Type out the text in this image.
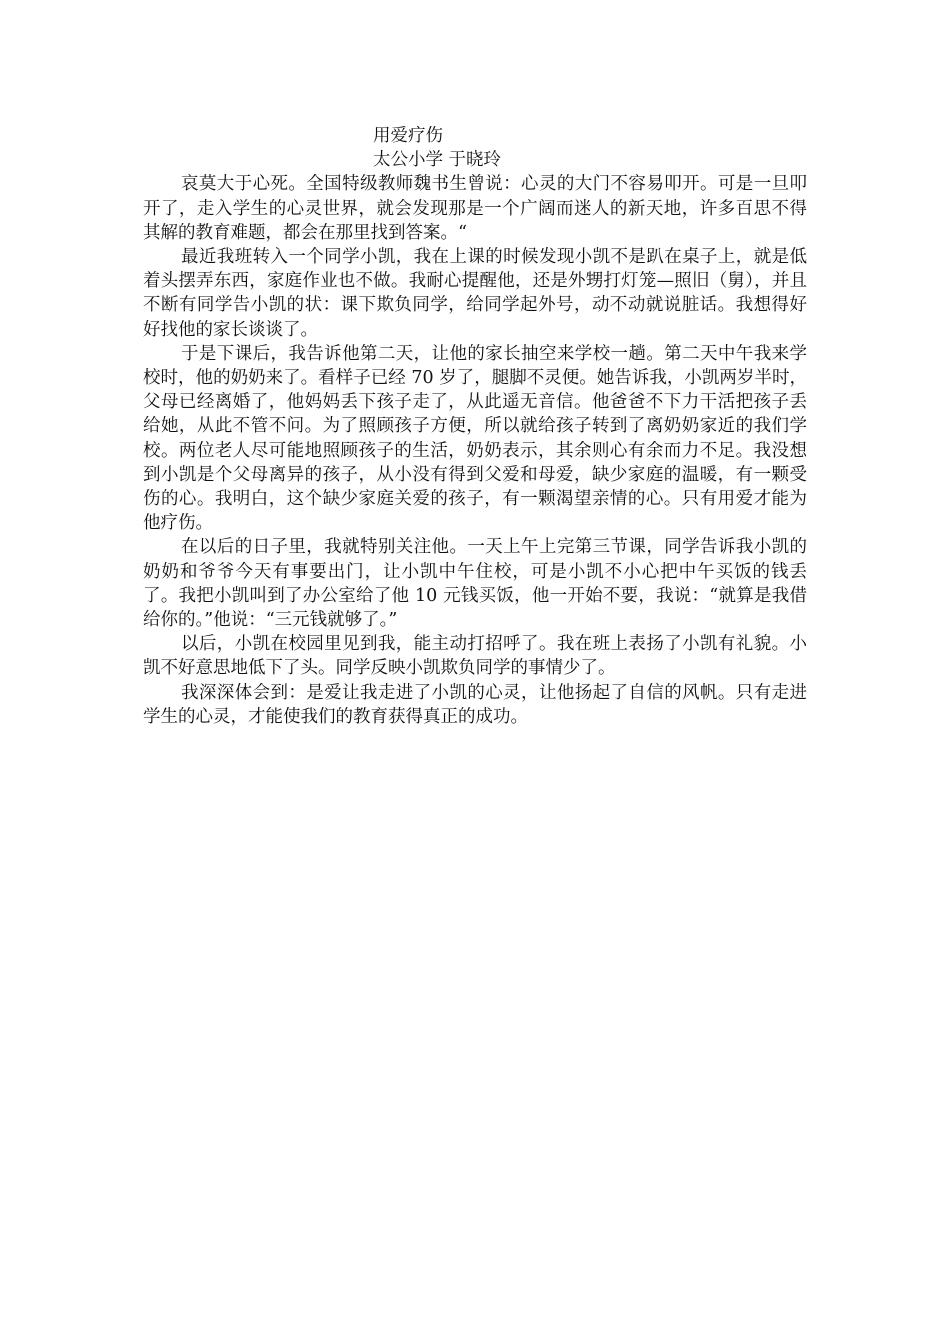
用爱疗伤
太公小学 于晓玲

哀莫大于心死。全国特级教师魏书生曾说：心灵的大门不容易叩开。可是一旦叩开了，走入学生的心灵世界，就会发现那是一个广阔而迷人的新天地，许多百思不得其解的教育难题，都会在那里找到答案。“

最近我班转入一个同学小凯，我在上课的时候发现小凯不是趴在桌子上，就是低着头摆弄东西，家庭作业也不做。我耐心提醒他，还是外甥打灯笼—照旧（舅），并且不断有同学告小凯的状：课下欺负同学，给同学起外号，动不动就说脏话。我想得好好找他的家长谈谈了。

于是下课后，我告诉他第二天，让他的家长抽空来学校一趟。第二天中午我来学校时，他的奶奶来了。看样子已经 70 岁了，腿脚不灵便。她告诉我，小凯两岁半时，父母已经离婚了，他妈妈丢下孩子走了，从此遥无音信。他爸爸不下力干活把孩子丢给她，从此不管不问。为了照顾孩子方便，所以就给孩子转到了离奶奶家近的我们学校。两位老人尽可能地照顾孩子的生活，奶奶表示，其余则心有余而力不足。我没想到小凯是个父母离异的孩子，从小没有得到父爱和母爱，缺少家庭的温暖，有一颗受伤的心。我明白，这个缺少家庭关爱的孩子，有一颗渴望亲情的心。只有用爱才能为他疗伤。

在以后的日子里，我就特别关注他。一天上午上完第三节课，同学告诉我小凯的奶奶和爷爷今天有事要出门，让小凯中午住校，可是小凯不小心把中午买饭的钱丢了。我把小凯叫到了办公室给了他 10 元钱买饭，他一开始不要，我说：“就算是我借给你的。”他说：“三元钱就够了。”

以后，小凯在校园里见到我，能主动打招呼了。我在班上表扬了小凯有礼貌。小凯不好意思地低下了头。同学反映小凯欺负同学的事情少了。

我深深体会到：是爱让我走进了小凯的心灵，让他扬起了自信的风帆。只有走进学生的心灵，才能使我们的教育获得真正的成功。
